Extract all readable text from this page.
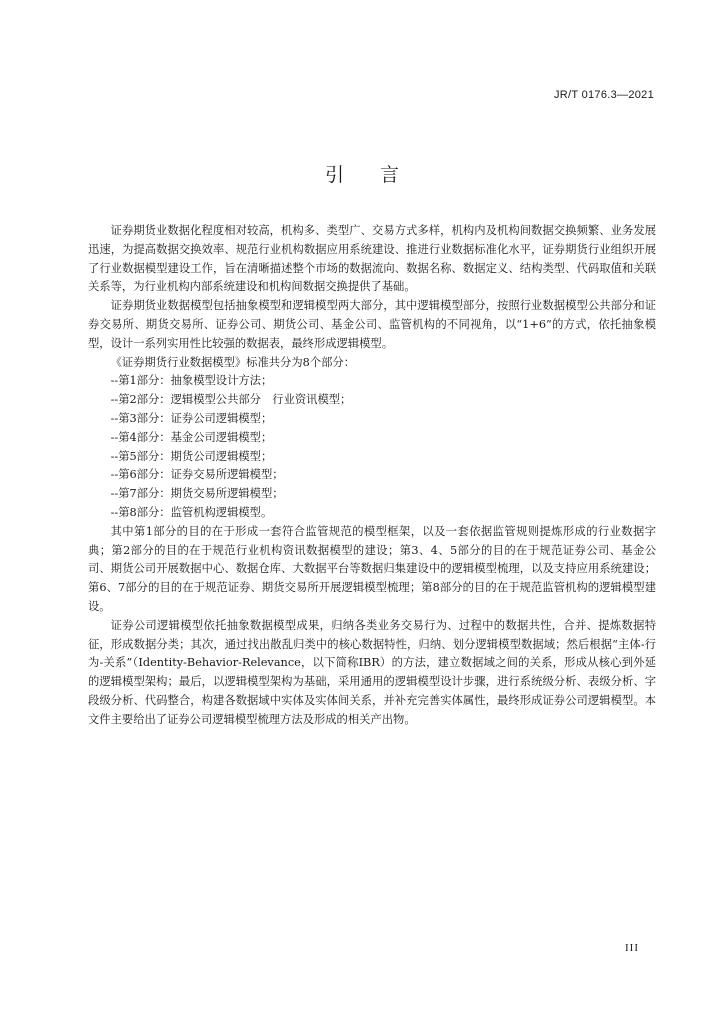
JR/T 0176.3—2021
引言

证券期货业数据化程度相对较高，机构多、类型广、交易方式多样，机构内及机构间数据交换频繁、业务发展迅速，为提高数据交换效率、规范行业机构数据应用系统建设、推进行业数据标准化水平，证券期货行业组织开展了行业数据模型建设工作，旨在清晰描述整个市场的数据流向、数据名称、数据定义、结构类型、代码取值和关联关系等，为行业机构内部系统建设和机构间数据交换提供了基础。

证券期货业数据模型包括抽象模型和逻辑模型两大部分，其中逻辑模型部分，按照行业数据模型公共部分和证券交易所、期货交易所、证券公司、期货公司、基金公司、监管机构的不同视角，以“1+6”的方式，依托抽象模型，设计一系列实用性比较强的数据表，最终形成逻辑模型。

《证券期货行业数据模型》标准共分为8个部分：

--第1部分：抽象模型设计方法；
--第2部分：逻辑模型公共部分　行业资讯模型；
--第3部分：证券公司逻辑模型；
--第4部分：基金公司逻辑模型；
--第5部分：期货公司逻辑模型；
--第6部分：证券交易所逻辑模型；
--第7部分：期货交易所逻辑模型；
--第8部分：监管机构逻辑模型。

其中第1部分的目的在于形成一套符合监管规范的模型框架，以及一套依据监管规则提炼形成的行业数据字典；第2部分的目的在于规范行业机构资讯数据模型的建设；第3、4、5部分的目的在于规范证券公司、基金公司、期货公司开展数据中心、数据仓库、大数据平台等数据归集建设中的逻辑模型梳理，以及支持应用系统建设；第6、7部分的目的在于规范证券、期货交易所开展逻辑模型梳理；第8部分的目的在于规范监管机构的逻辑模型建设。

证券公司逻辑模型依托抽象数据模型成果，归纳各类业务交易行为、过程中的数据共性，合并、提炼数据特征，形成数据分类；其次，通过找出散乱归类中的核心数据特性，归纳、划分逻辑模型数据域；然后根据“主体-行为-关系”（Identity-Behavior-Relevance，以下简称IBR）的方法，建立数据域之间的关系，形成从核心到外延的逻辑模型架构；最后，以逻辑模型架构为基础，采用通用的逻辑模型设计步骤，进行系统级分析、表级分析、字段级分析、代码整合，构建各数据域中实体及实体间关系，并补充完善实体属性，最终形成证券公司逻辑模型。本文件主要给出了证券公司逻辑模型梳理方法及形成的相关产出物。

III
